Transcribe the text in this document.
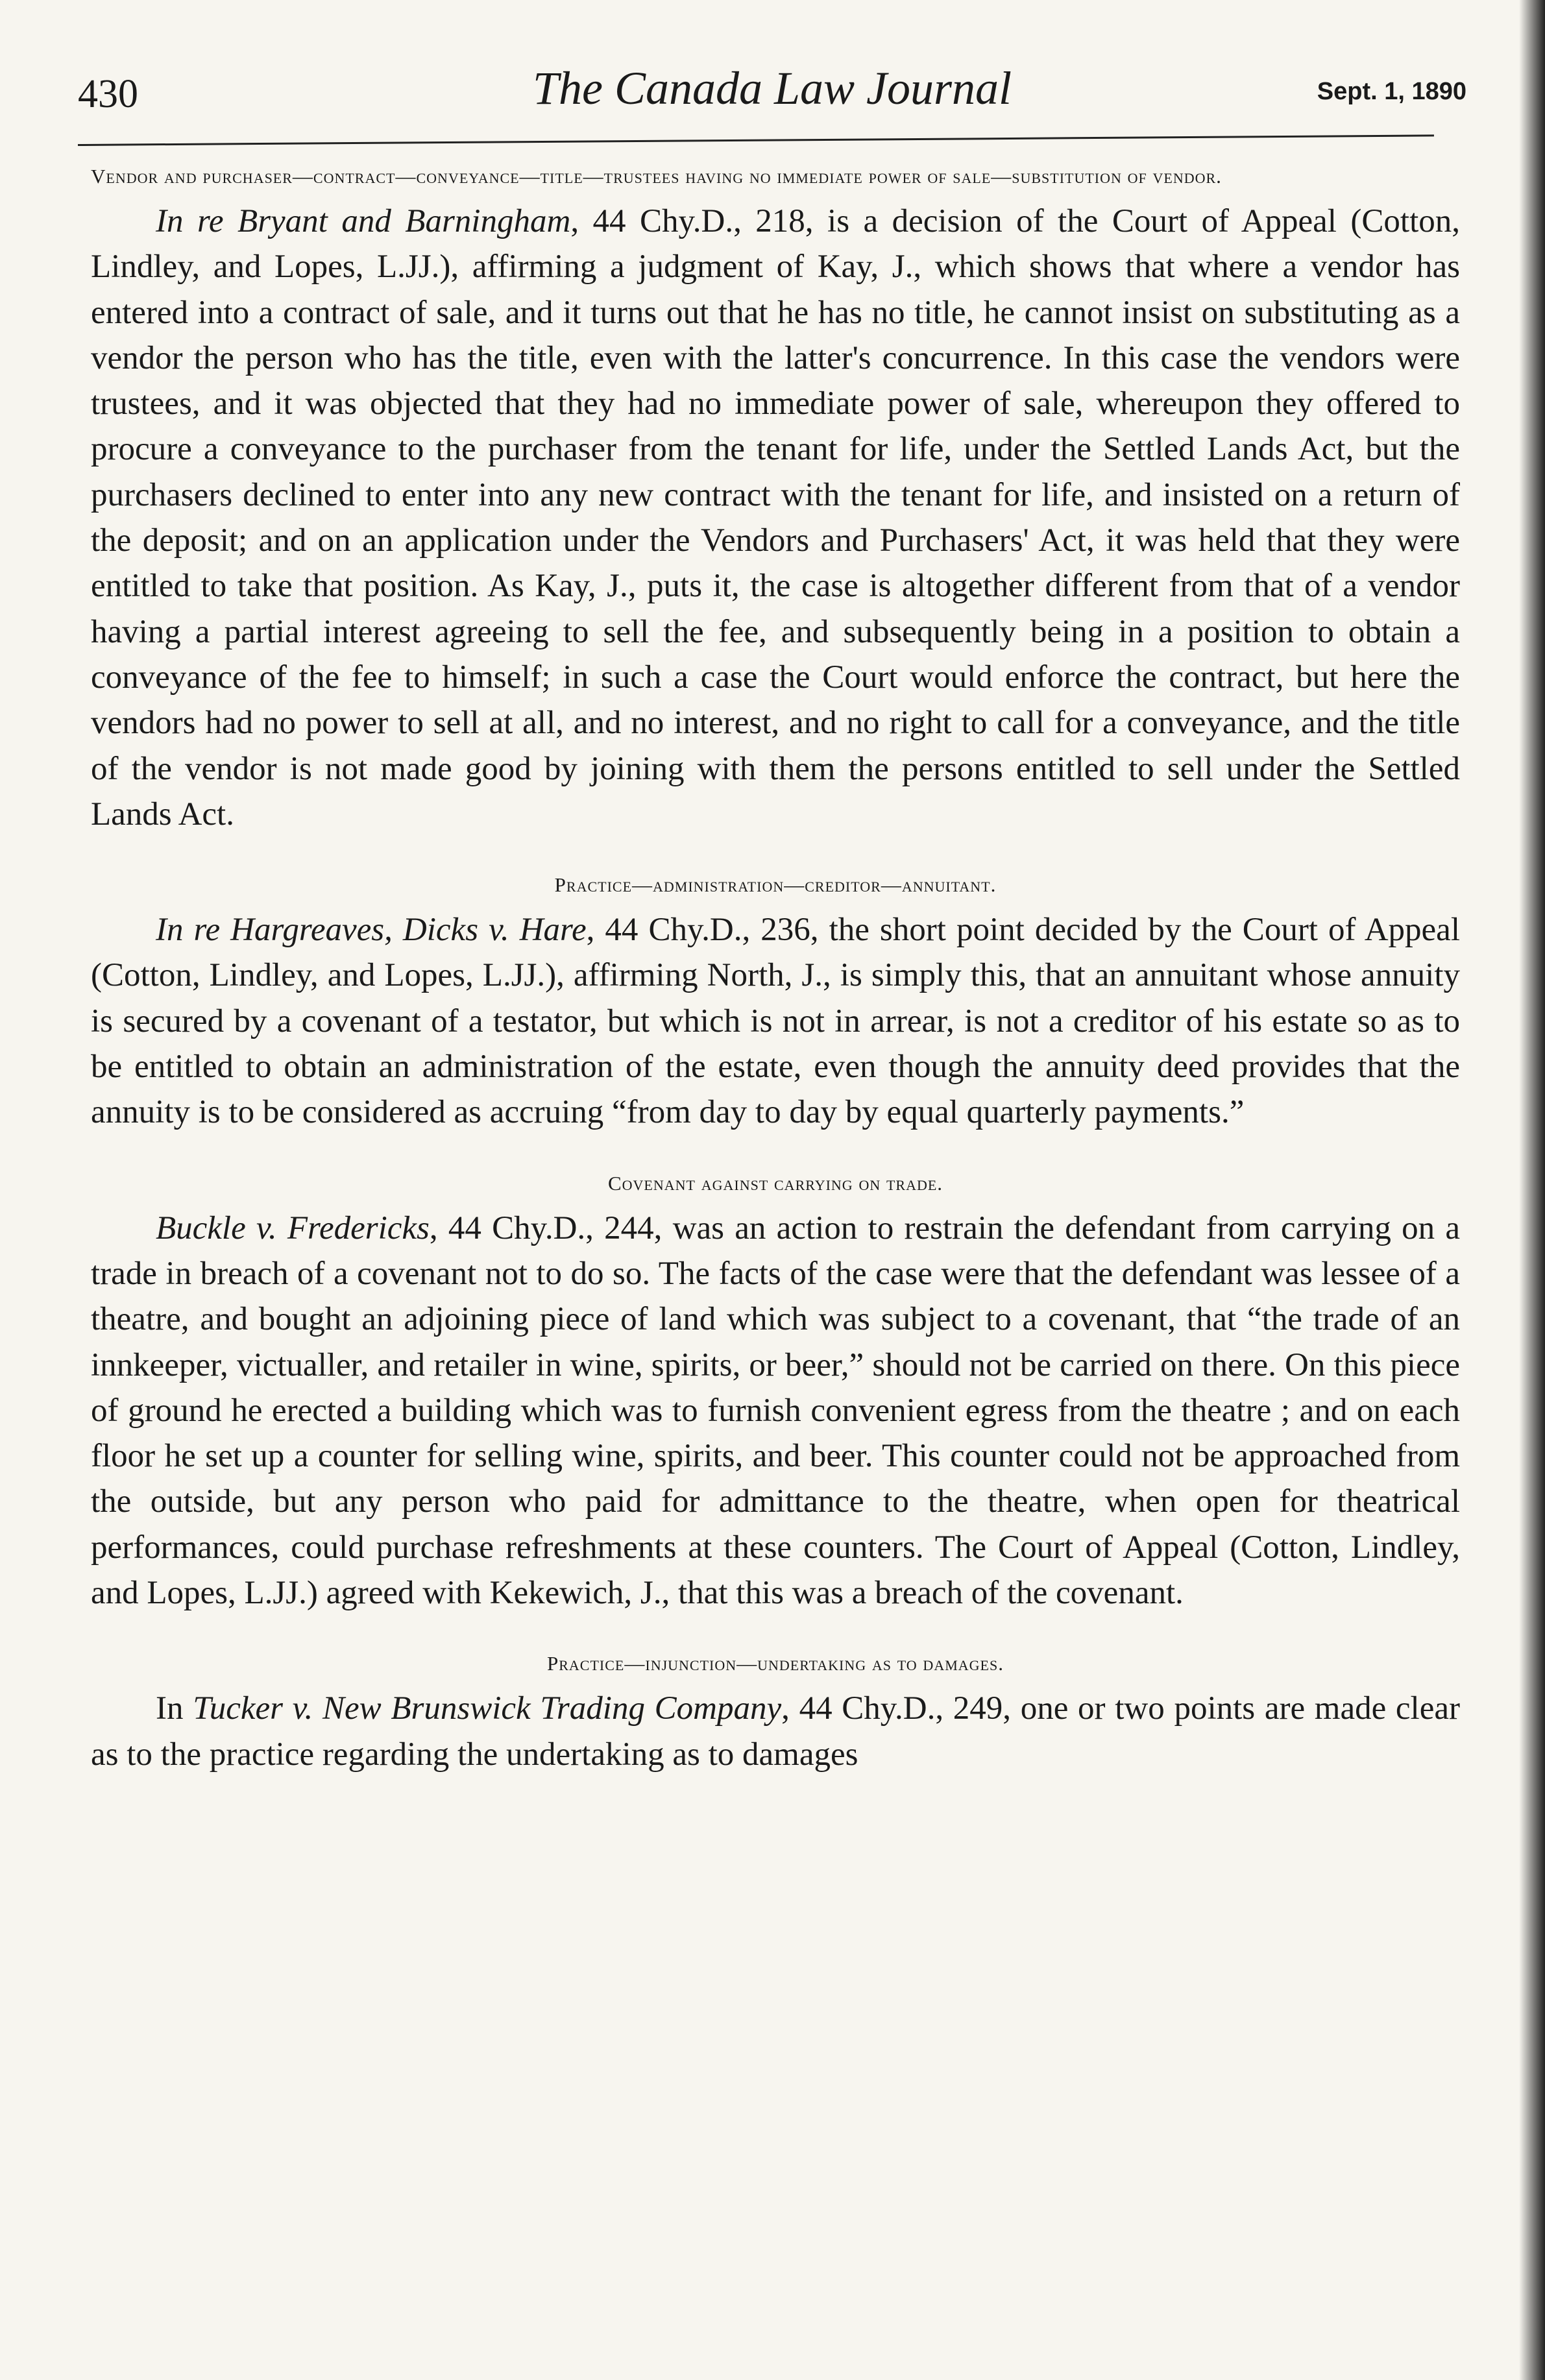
430	The Canada Law Journal	Sept. 1, 1890

Vendor and purchaser—contract—conveyance—title—trustees having no immediate power of sale—substitution of vendor.

In re Bryant and Barningham, 44 Chy.D., 218, is a decision of the Court of Appeal (Cotton, Lindley, and Lopes, L.JJ.), affirming a judgment of Kay, J., which shows that where a vendor has entered into a contract of sale, and it turns out that he has no title, he cannot insist on substituting as a vendor the person who has the title, even with the latter's concurrence. In this case the vendors were trustees, and it was objected that they had no immediate power of sale, whereupon they offered to procure a conveyance to the purchaser from the tenant for life, under the Settled Lands Act, but the purchasers declined to enter into any new contract with the tenant for life, and insisted on a return of the deposit; and on an application under the Vendors and Purchasers' Act, it was held that they were entitled to take that position. As Kay, J., puts it, the case is altogether different from that of a vendor having a partial interest agreeing to sell the fee, and subsequently being in a position to obtain a conveyance of the fee to himself; in such a case the Court would enforce the contract, but here the vendors had no power to sell at all, and no interest, and no right to call for a conveyance, and the title of the vendor is not made good by joining with them the persons entitled to sell under the Settled Lands Act.

Practice—administration—creditor—annuitant.

In re Hargreaves, Dicks v. Hare, 44 Chy.D., 236, the short point decided by the Court of Appeal (Cotton, Lindley, and Lopes, L.JJ.), affirming North, J., is simply this, that an annuitant whose annuity is secured by a covenant of a testator, but which is not in arrear, is not a creditor of his estate so as to be entitled to obtain an administration of the estate, even though the annuity deed provides that the annuity is to be considered as accruing “from day to day by equal quarterly payments.”

Covenant against carrying on trade.

Buckle v. Fredericks, 44 Chy.D., 244, was an action to restrain the defendant from carrying on a trade in breach of a covenant not to do so. The facts of the case were that the defendant was lessee of a theatre, and bought an adjoining piece of land which was subject to a covenant, that “the trade of an innkeeper, victualler, and retailer in wine, spirits, or beer,” should not be carried on there. On this piece of ground he erected a building which was to furnish convenient egress from the theatre ; and on each floor he set up a counter for selling wine, spirits, and beer. This counter could not be approached from the outside, but any person who paid for admittance to the theatre, when open for theatrical performances, could purchase refreshments at these counters. The Court of Appeal (Cotton, Lindley, and Lopes, L.JJ.) agreed with Kekewich, J., that this was a breach of the covenant.

Practice—injunction—undertaking as to damages.

In Tucker v. New Brunswick Trading Company, 44 Chy.D., 249, one or two points are made clear as to the practice regarding the undertaking as to damages
